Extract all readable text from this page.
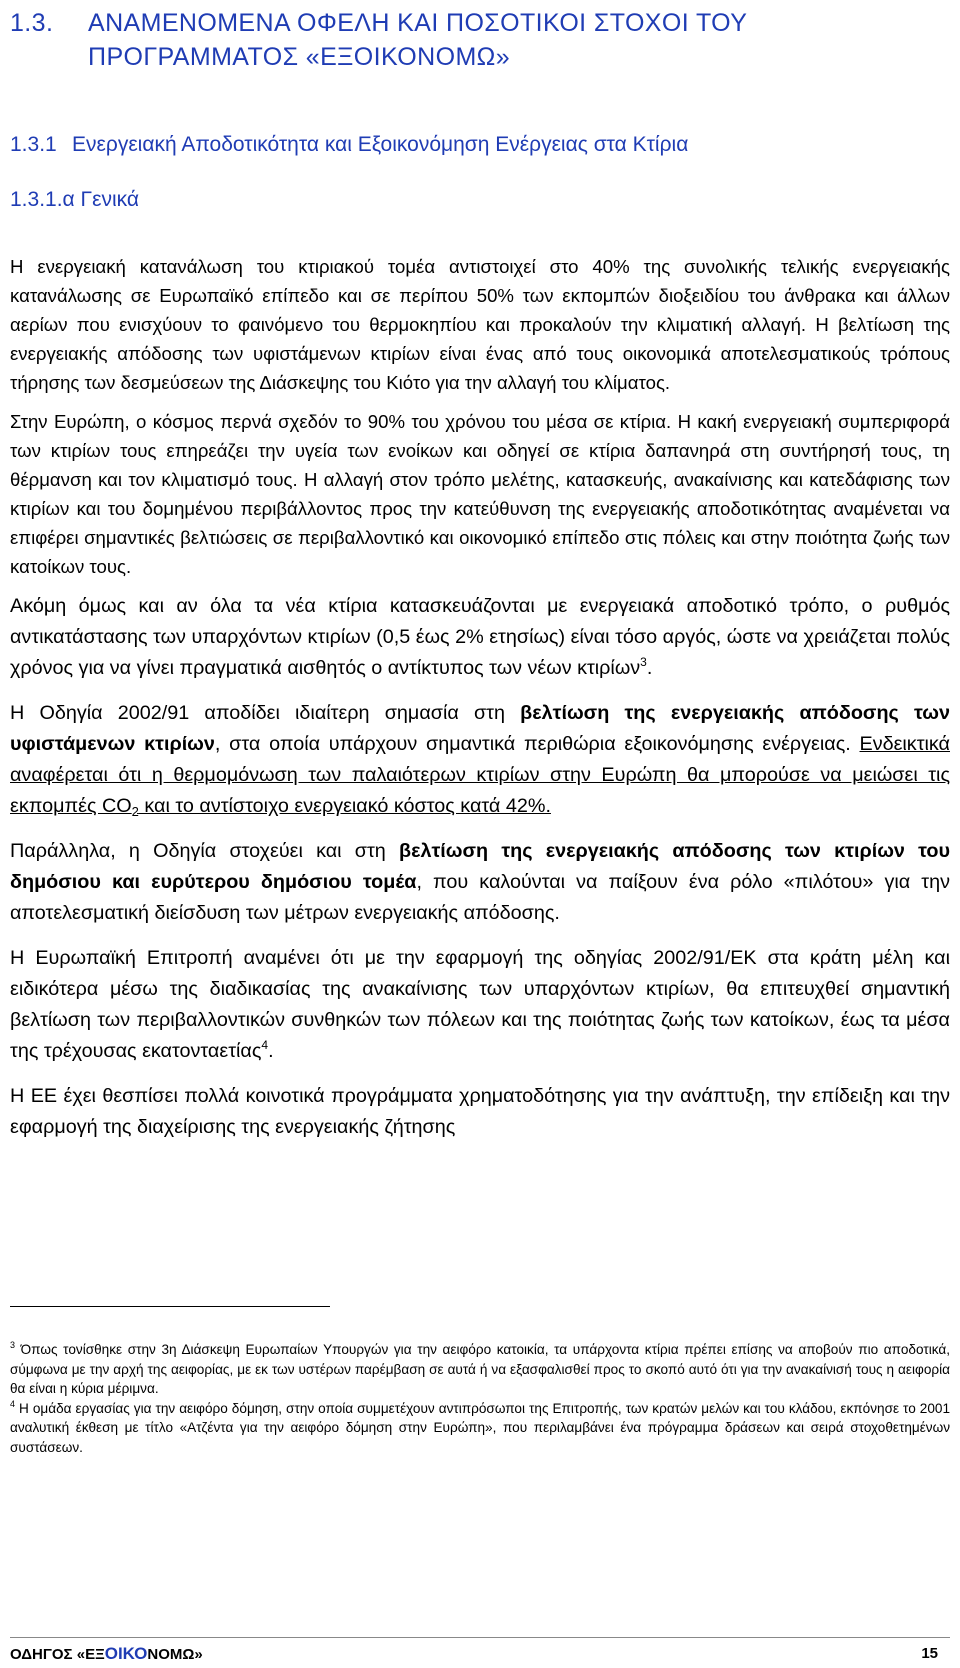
1.3. ΑΝΑΜΕΝΟΜΕΝΑ ΟΦΕΛΗ ΚΑΙ ΠΟΣΟΤΙΚΟΙ ΣΤΟΧΟΙ ΤΟΥ
ΠΡΟΓΡΑΜΜΑΤΟΣ «ΕΞΟΙΚΟΝΟΜΩ»
1.3.1 Ενεργειακή Αποδοτικότητα και Εξοικονόμηση Ενέργειας στα Κτίρια
1.3.1.α Γενικά

Η ενεργειακή κατανάλωση του κτιριακού τομέα αντιστοιχεί στο 40% της συνολικής τελικής ενεργειακής κατανάλωσης σε Ευρωπαϊκό επίπεδο και σε περίπου 50% των εκπομπών διοξειδίου του άνθρακα και άλλων αερίων που ενισχύουν το φαινόμενο του θερμοκηπίου και προκαλούν την κλιματική αλλαγή. Η βελτίωση της ενεργειακής απόδοσης των υφιστάμενων κτιρίων είναι ένας από τους οικονομικά αποτελεσματικούς τρόπους τήρησης των δεσμεύσεων της Διάσκεψης του Κιότο για την αλλαγή του κλίματος.

Στην Ευρώπη, ο κόσμος περνά σχεδόν το 90% του χρόνου του μέσα σε κτίρια. Η κακή ενεργειακή συμπεριφορά των κτιρίων τους επηρεάζει την υγεία των ενοίκων και οδηγεί σε κτίρια δαπανηρά στη συντήρησή τους, τη θέρμανση και τον κλιματισμό τους. Η αλλαγή στον τρόπο μελέτης, κατασκευής, ανακαίνισης και κατεδάφισης των κτιρίων και του δομημένου περιβάλλοντος προς την κατεύθυνση της ενεργειακής αποδοτικότητας αναμένεται να επιφέρει σημαντικές βελτιώσεις σε περιβαλλοντικό και οικονομικό επίπεδο στις πόλεις και στην ποιότητα ζωής των κατοίκων τους.

Ακόμη όμως και αν όλα τα νέα κτίρια κατασκευάζονται με ενεργειακά αποδοτικό τρόπο, ο ρυθμός αντικατάστασης των υπαρχόντων κτιρίων (0,5 έως 2% ετησίως) είναι τόσο αργός, ώστε να χρειάζεται πολύς χρόνος για να γίνει πραγματικά αισθητός ο αντίκτυπος των νέων κτιρίων$^3$.

Η Οδηγία 2002/91 αποδίδει ιδιαίτερη σημασία στη βελτίωση της ενεργειακής απόδοσης των υφιστάμενων κτιρίων, στα οποία υπάρχουν σημαντικά περιθώρια εξοικονόμησης ενέργειας. Ενδεικτικά αναφέρεται ότι η θερμομόνωση των παλαιότερων κτιρίων στην Ευρώπη θα μπορούσε να μειώσει τις εκπομπές $CO_2$ και το αντίστοιχο ενεργειακό κόστος κατά 42%.

Παράλληλα, η Οδηγία στοχεύει και στη βελτίωση της ενεργειακής απόδοσης των κτιρίων του δημόσιου και ευρύτερου δημόσιου τομέα, που καλούνται να παίξουν ένα ρόλο «πιλότου» για την αποτελεσματική διείσδυση των μέτρων ενεργειακής απόδοσης.

Η Ευρωπαϊκή Επιτροπή αναμένει ότι με την εφαρμογή της οδηγίας 2002/91/ΕΚ στα κράτη μέλη και ειδικότερα μέσω της διαδικασίας της ανακαίνισης των υπαρχόντων κτιρίων, θα επιτευχθεί σημαντική βελτίωση των περιβαλλοντικών συνθηκών των πόλεων και της ποιότητας ζωής των κατοίκων, έως τα μέσα της τρέχουσας εκατονταετίας$^4$.

Η ΕΕ έχει θεσπίσει πολλά κοινοτικά προγράμματα χρηματοδότησης για την ανάπτυξη, την επίδειξη και την εφαρμογή της διαχείρισης της ενεργειακής ζήτησης

$^3$ Όπως τονίσθηκε στην 3η Διάσκεψη Ευρωπαίων Υπουργών για την αειφόρο κατοικία, τα υπάρχοντα κτίρια πρέπει επίσης να αποβούν πιο αποδοτικά, σύμφωνα με την αρχή της αειφορίας, με εκ των υστέρων παρέμβαση σε αυτά ή να εξασφαλισθεί προς το σκοπό αυτό ότι για την ανακαίνισή τους η αειφορία θα είναι η κύρια μέριμνα.

$^4$ Η ομάδα εργασίας για την αειφόρο δόμηση, στην οποία συμμετέχουν αντιπρόσωποι της Επιτροπής, των κρατών μελών και του κλάδου, εκπόνησε το 2001 αναλυτική έκθεση με τίτλο «Ατζέντα για την αειφόρο δόμηση στην Ευρώπη», που περιλαμβάνει ένα πρόγραμμα δράσεων και σειρά στοχοθετημένων συστάσεων.

ΟΔΗΓΟΣ «ΕΞΟΙΚΟΝΟΜΩ»	15
